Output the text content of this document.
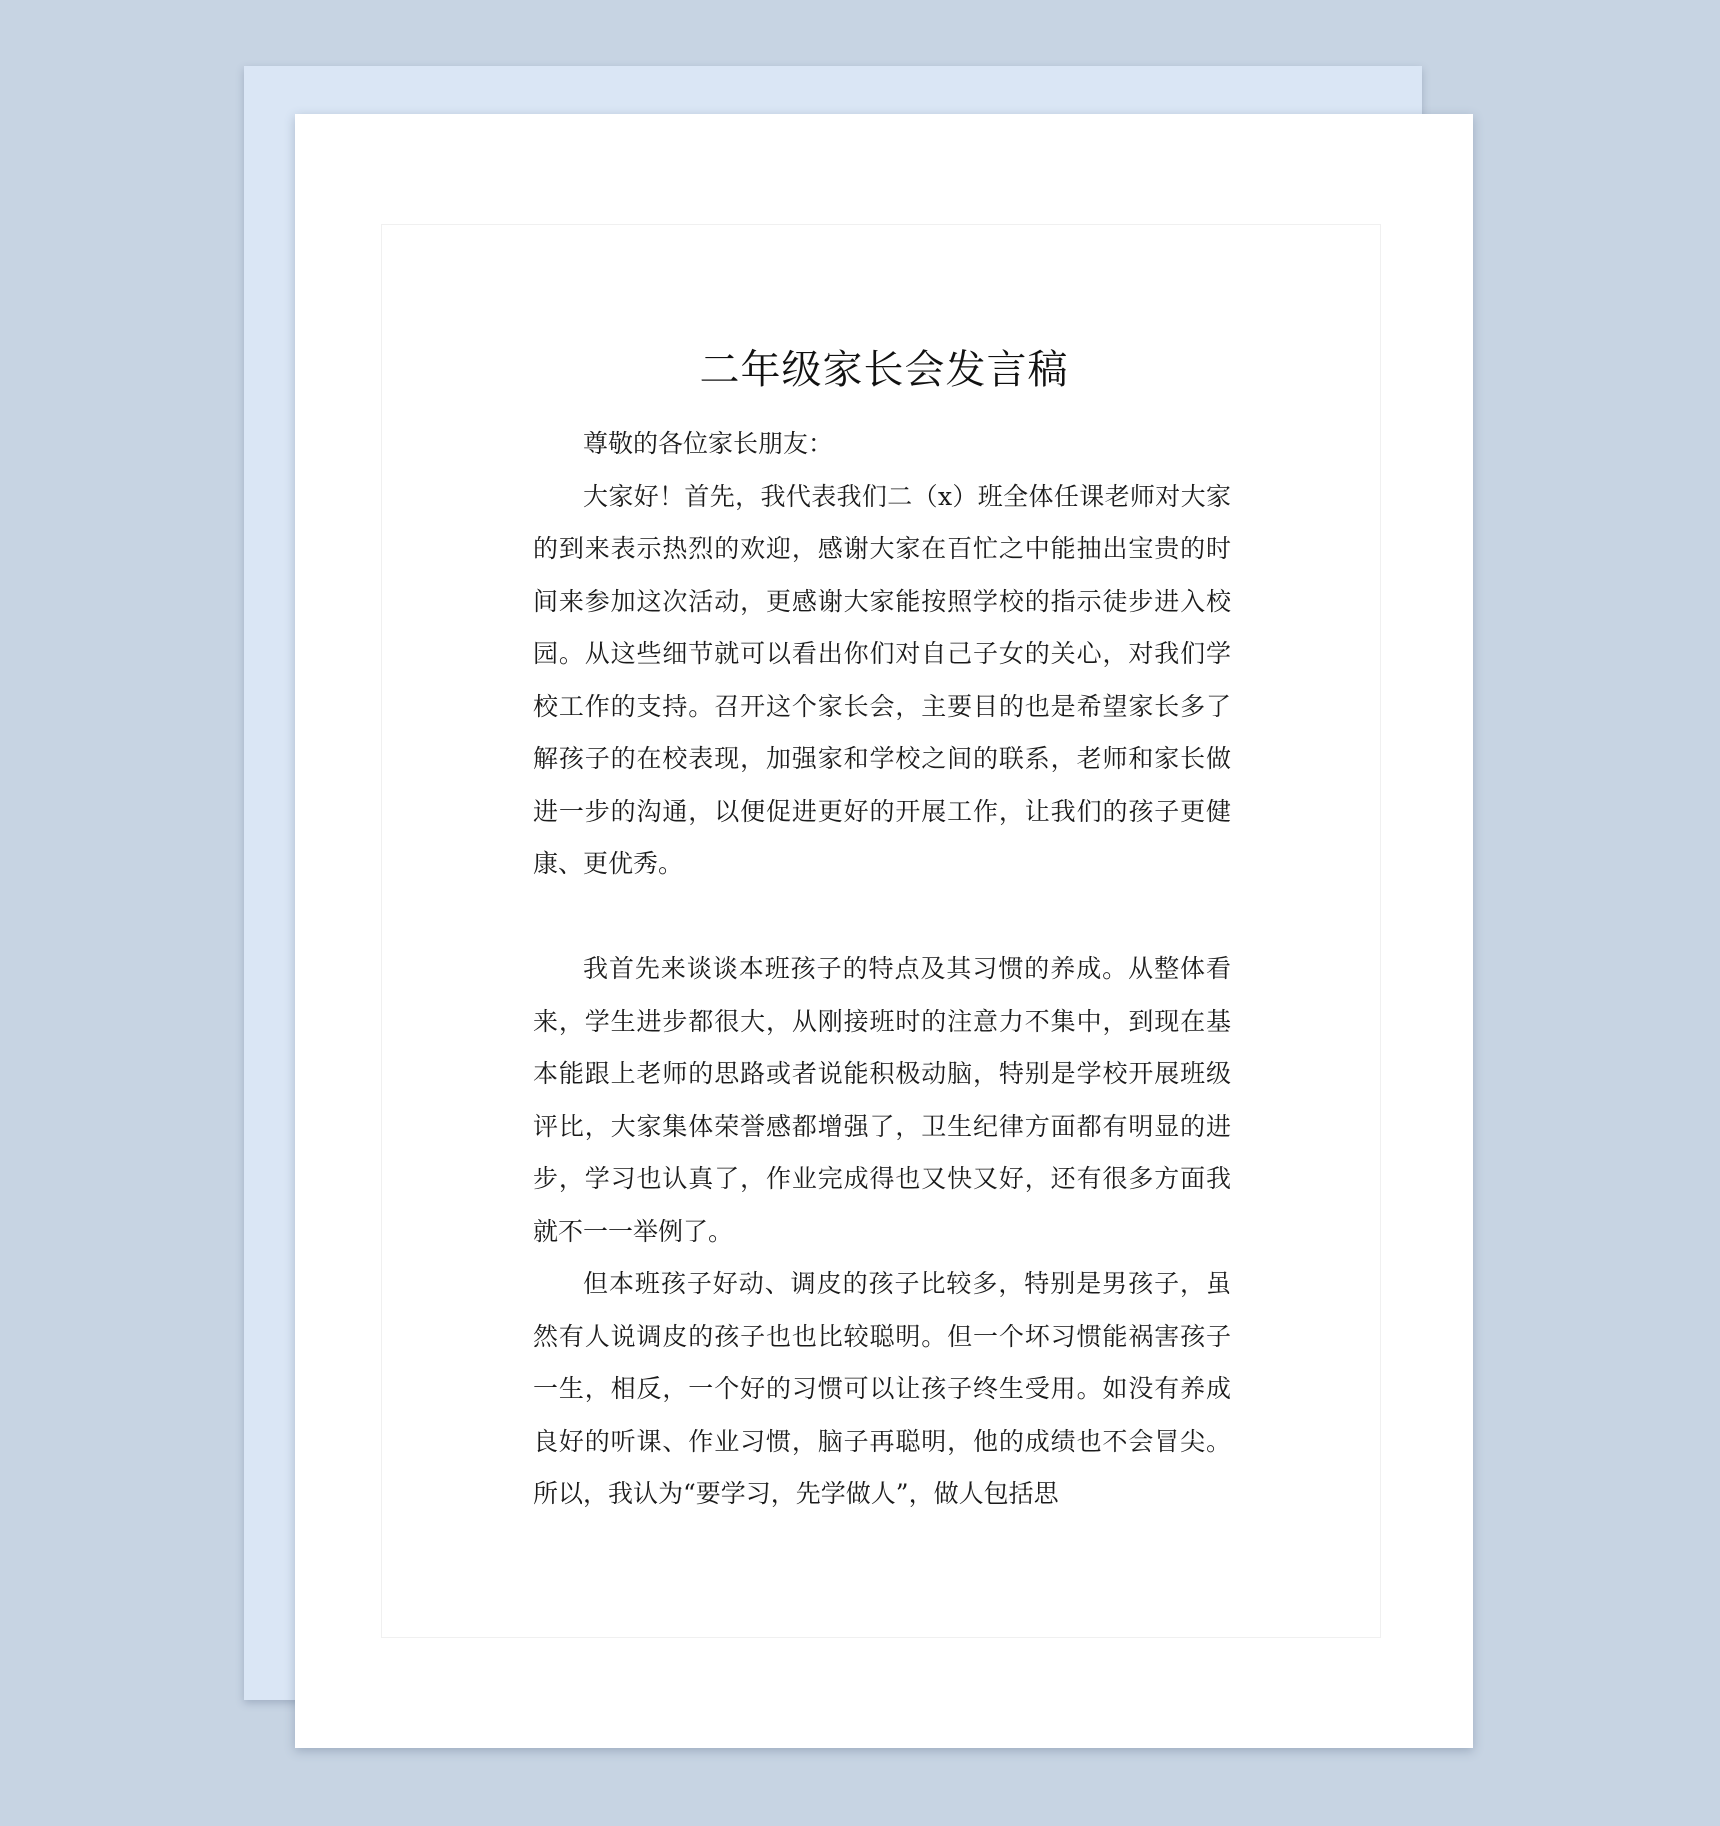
二年级家长会发言稿

尊敬的各位家长朋友：

大家好！首先，我代表我们二（x）班全体任课老师对大家的到来表示热烈的欢迎，感谢大家在百忙之中能抽出宝贵的时间来参加这次活动，更感谢大家能按照学校的指示徒步进入校园。从这些细节就可以看出你们对自己子女的关心，对我们学校工作的支持。召开这个家长会，主要目的也是希望家长多了解孩子的在校表现，加强家和学校之间的联系，老师和家长做进一步的沟通，以便促进更好的开展工作，让我们的孩子更健康、更优秀。

我首先来谈谈本班孩子的特点及其习惯的养成。从整体看来，学生进步都很大，从刚接班时的注意力不集中，到现在基本能跟上老师的思路或者说能积极动脑，特别是学校开展班级评比，大家集体荣誉感都增强了，卫生纪律方面都有明显的进步，学习也认真了，作业完成得也又快又好，还有很多方面我就不一一举例了。

但本班孩子好动、调皮的孩子比较多，特别是男孩子，虽然有人说调皮的孩子也也比较聪明。但一个坏习惯能祸害孩子一生，相反，一个好的习惯可以让孩子终生受用。如没有养成良好的听课、作业习惯，脑子再聪明，他的成绩也不会冒尖。所以，我认为“要学习，先学做人”，做人包括思
